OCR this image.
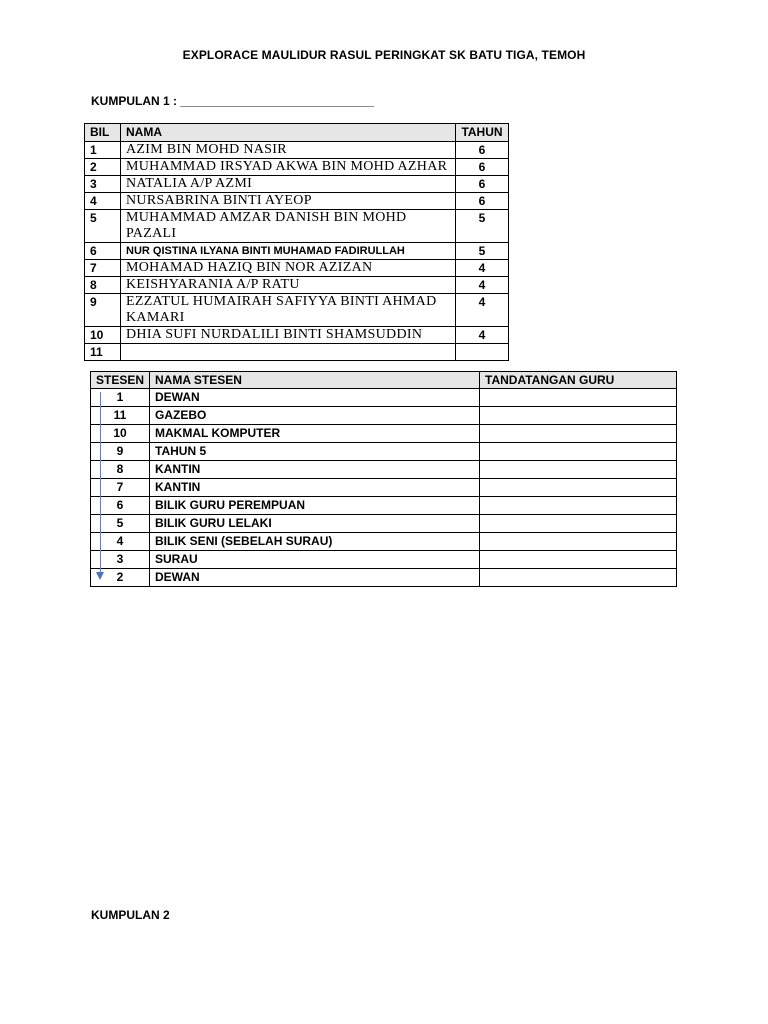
EXPLORACE MAULIDUR RASUL PERINGKAT SK BATU TIGA, TEMOH
KUMPULAN 1 : _____________________________
BIL	NAMA	TAHUN
1	AZIM BIN MOHD NASIR	6
2	MUHAMMAD IRSYAD AKWA BIN MOHD AZHAR	6
3	NATALIA A/P AZMI	6
4	NURSABRINA BINTI AYEOP	6
5	MUHAMMAD AMZAR DANISH BIN MOHD PAZALI	5
6	NUR QISTINA ILYANA BINTI MUHAMAD FADIRULLAH	5
7	MOHAMAD HAZIQ BIN NOR AZIZAN	4
8	KEISHYARANIA A/P RATU	4
9	EZZATUL HUMAIRAH SAFIYYA BINTI AHMAD KAMARI	4
10	DHIA SUFI NURDALILI BINTI SHAMSUDDIN	4
11		
STESEN	NAMA STESEN	TANDATANGAN GURU
1	DEWAN	
11	GAZEBO	
10	MAKMAL KOMPUTER	
9	TAHUN 5	
8	KANTIN	
7	KANTIN	
6	BILIK GURU PEREMPUAN	
5	BILIK GURU LELAKI	
4	BILIK SENI (SEBELAH SURAU)	
3	SURAU	
2	DEWAN	
KUMPULAN 2
